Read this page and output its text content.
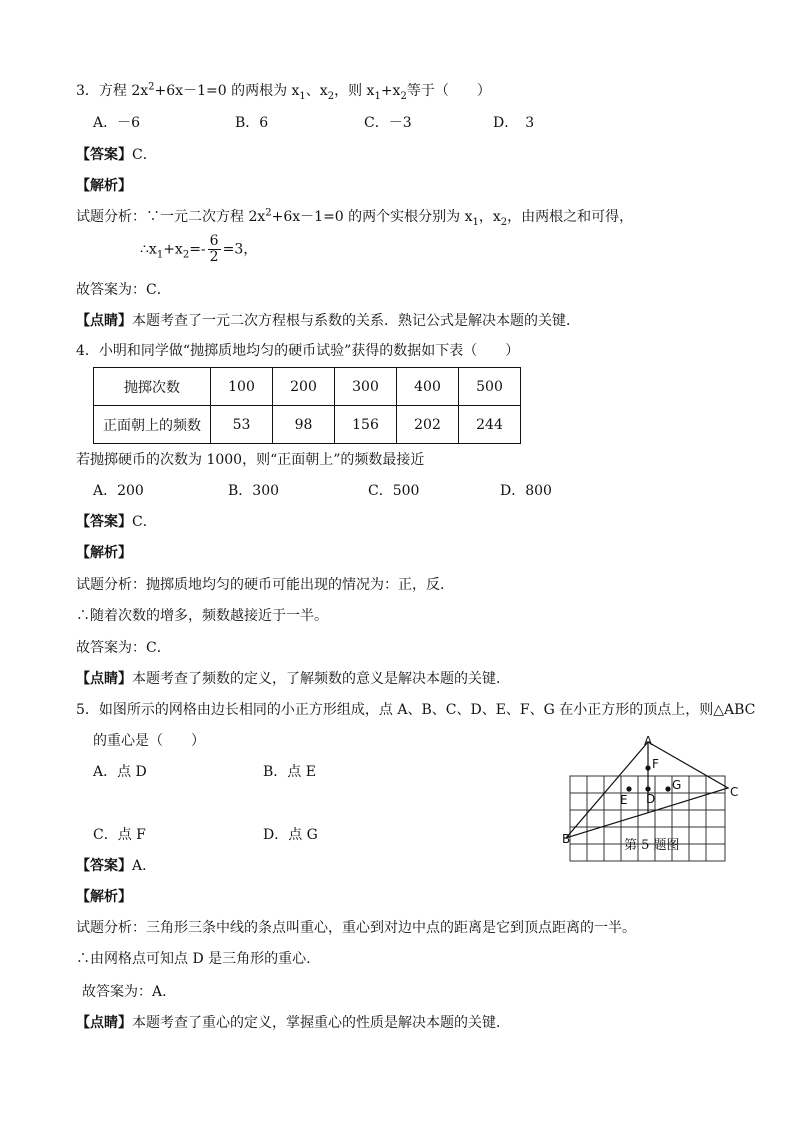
3．方程 $2x^2+6x-1=0$ 的两根为 $x_1$、$x_2$，则 $x_1+x_2$等于（　　）
A．－6	B．6	C．－3	D．　3
【答案】C．
【解析】
试题分析：∵一元二次方程 $2x^2+6x-1=0$ 的两个实根分别为 $x_1$，$x_2$，由两根之和可得，
$\therefore x_1+x_2=- \frac{6}{2} =3$，
故答案为：C．
【点睛】本题考查了一元二次方程根与系数的关系．熟记公式是解决本题的关键．
4．小明和同学做“抛掷质地均匀的硬币试验”获得的数据如下表（　　）
抛掷次数	100	200	300	400	500
正面朝上的频数	53	98	156	202	244
若抛掷硬币的次数为 1000，则“正面朝上”的频数最接近
A．200	B．300	C．500	D．800
【答案】C．
【解析】
试题分析：抛掷质地均匀的硬币可能出现的情况为：正，反．
∴随着次数的增多，频数越接近于一半。
故答案为：C．
【点睛】本题考查了频数的定义，了解频数的意义是解决本题的关键．
5．如图所示的网格由边长相同的小正方形组成，点 A、B、C、D、E、F、G 在小正方形的顶点上，则△ABC
的重心是（　　）
A．点 D	B．点 E
C．点 F	D．点 G
A
B
C
D
E
F
G
第 5 题图
【答案】A．
【解析】
试题分析：三角形三条中线的条点叫重心，重心到对边中点的距离是它到顶点距离的一半。
∴由网格点可知点 D 是三角形的重心.
故答案为：A．
【点睛】本题考查了重心的定义，掌握重心的性质是解决本题的关键．
